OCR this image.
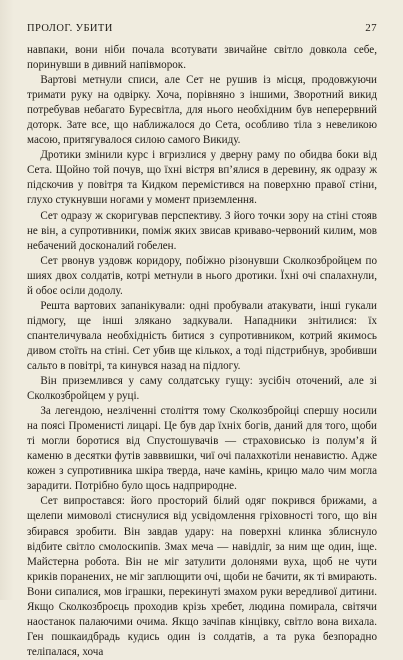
ПРОЛОГ. УБИТИ	27

навпаки, вони ніби почала всотувати звичайне світло довкола себе, поринувши в дивний напівморок.

Вартові метнули списи, але Сет не рушив із місця, продовжуючи тримати руку на одвірку. Хоча, порівняно з іншими, Зворотний викид потребував небагато Буресвітла, для нього необхідним був неперервний доторк. Зате все, що наближалося до Сета, особливо тіла з невеликою масою, притягувалося силою самого Викиду.

Дротики змінили курс і вгризлися у дверну раму по обидва боки від Сета. Щойно той почув, що їхні вістря вп’ялися в деревину, як одразу ж підскочив у повітря та Кидком перемістився на поверхню правої стіни, глухо стукнувши ногами у момент приземлення.

Сет одразу ж скоригував перспективу. З його точки зору на стіні стояв не він, а супротивники, поміж яких звисав криваво-червоний килим, мов небачений досконалий гобелен.

Сет рвонув уздовж коридору, побіжно різонувши Сколкозбройцем по шиях двох солдатів, котрі метнули в нього дротики. Їхні очі спалахнули, й обоє осіли додолу.

Решта вартових запанікували: одні пробували атакувати, інші гукали підмогу, ще інші злякано задкували. Нападники знітилися: їх спантеличувала необхідність битися з супротивником, котрий якимось дивом стоїть на стіні. Сет убив ще кількох, а тоді підстрибнув, зробивши сальто в повітрі, та кинувся назад на підлогу.

Він приземлився у саму солдатську гущу: зусібіч оточений, але зі Сколкозбройцем у руці.

За легендою, незліченні століття тому Сколкозбройці спершу носили на поясі Променисті лицарі. Це був дар їхніх богів, даний для того, щоби ті могли боротися від Спустошувачів — страховисько із полум’я й каменю в десятки футів завввишки, чиї очі палахкотіли ненавистю. Адже кожен з супротивника шкіра тверда, наче камінь, крицю мало чим могла зарадити. Потрібно було щось надприродне.

Сет випростався: його просторий білий одяг покрився брижами, а щелепи мимоволі стиснулися від усвідомлення гріховності того, що він збирався зробити. Він завдав удару: на поверхні клинка зблиснуло відбите світло смолоскипів. Змах меча — навідліг, за ним ще один, іще. Майстерна робота. Він не міг затулити долонями вуха, щоб не чути криків поранених, не міг заплющити очі, щоби не бачити, як ті вмирають. Вони сипалися, мов іграшки, перекинуті змахом руки вередливої дитини. Якщо Сколкозброєць проходив крізь хребет, людина помирала, світячи наостанок палаючими очима. Якщо зачіпав кінцівку, світло вона вихала. Ген пошкаидбрадь кудись один із солдатів, а та рука безпорадно теліпалася, хоча
